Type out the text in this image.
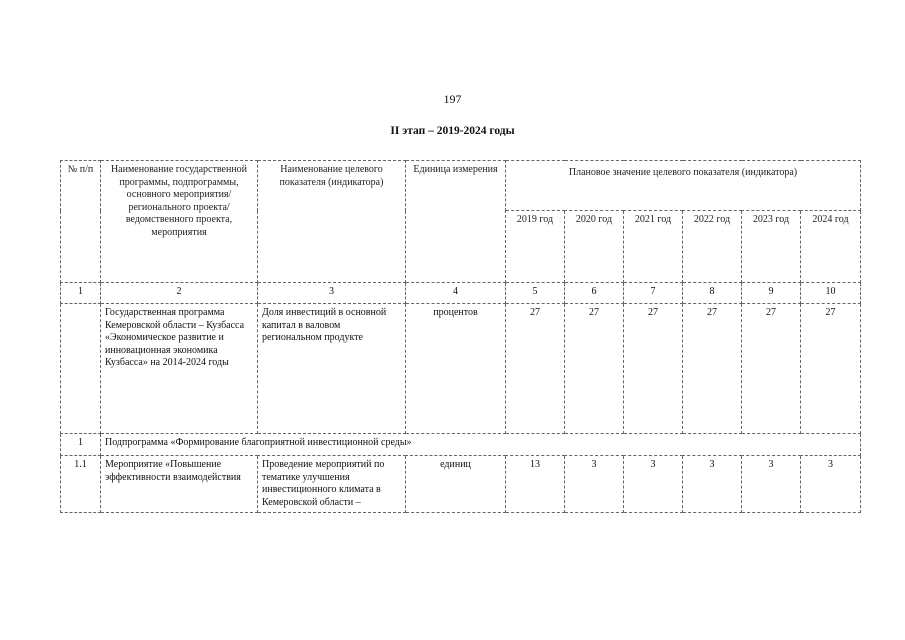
197
II этап – 2019-2024 годы
№ п/п	Наименование государственной программы, подпрограммы, основного мероприятия/ регионального проекта/ ведомственного проекта, мероприятия	Наименование целевого показателя (индикатора)	Единица измерения	Плановое значение целевого показателя (индикатора)					
				2019 год	2020 год	2021 год	2022 год	2023 год	2024 год
1	2	3	4	5	6	7	8	9	10
	Государственная программа Кемеровской области – Кузбасса «Экономическое развитие и инновационная экономика Кузбасса» на 2014-2024 годы	Доля инвестиций в основной капитал в валовом региональном продукте	процентов	27	27	27	27	27	27
1	Подпрограмма «Формирование благоприятной инвестиционной среды»								
1.1	Мероприятие «Повышение эффективности взаимодействия	Проведение мероприятий по тематике улучшения инвестиционного климата в Кемеровской области –	единиц	13	3	3	3	3	3
